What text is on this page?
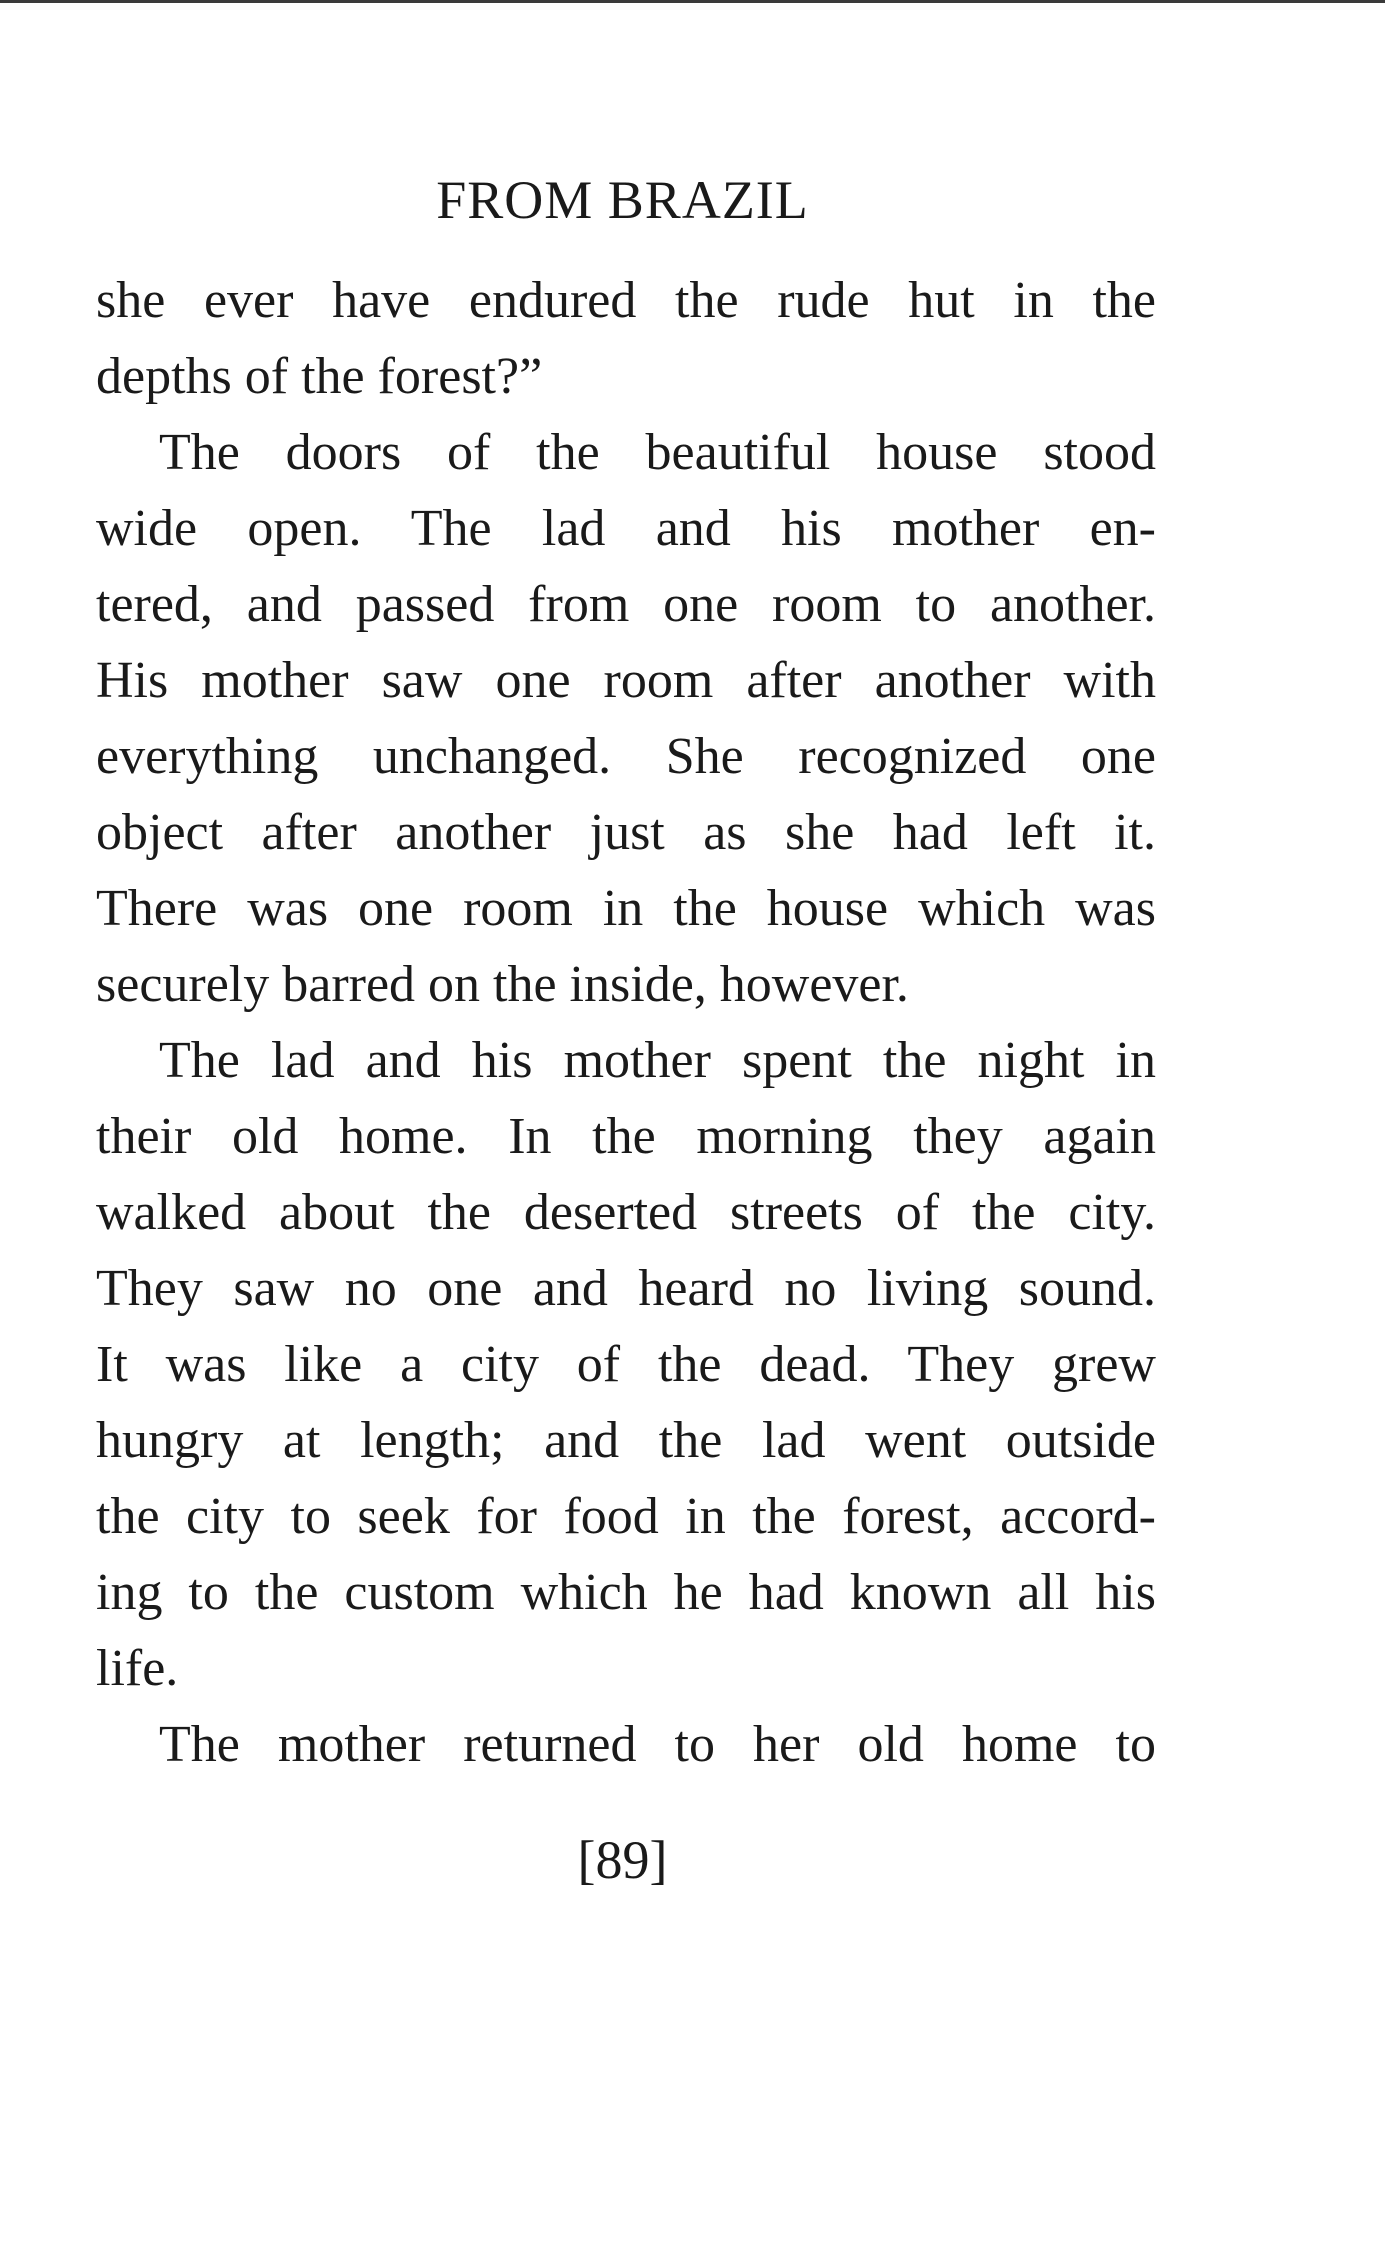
FROM BRAZIL
she ever have endured the rude hut in the
depths of the forest?”
The doors of the beautiful house stood
wide open. The lad and his mother en-
tered, and passed from one room to another.
His mother saw one room after another with
everything unchanged. She recognized one
object after another just as she had left it.
There was one room in the house which was
securely barred on the inside, however.
The lad and his mother spent the night in
their old home. In the morning they again
walked about the deserted streets of the city.
They saw no one and heard no living sound.
It was like a city of the dead. They grew
hungry at length; and the lad went outside
the city to seek for food in the forest, accord-
ing to the custom which he had known all his
life.
The mother returned to her old home to
[89]
